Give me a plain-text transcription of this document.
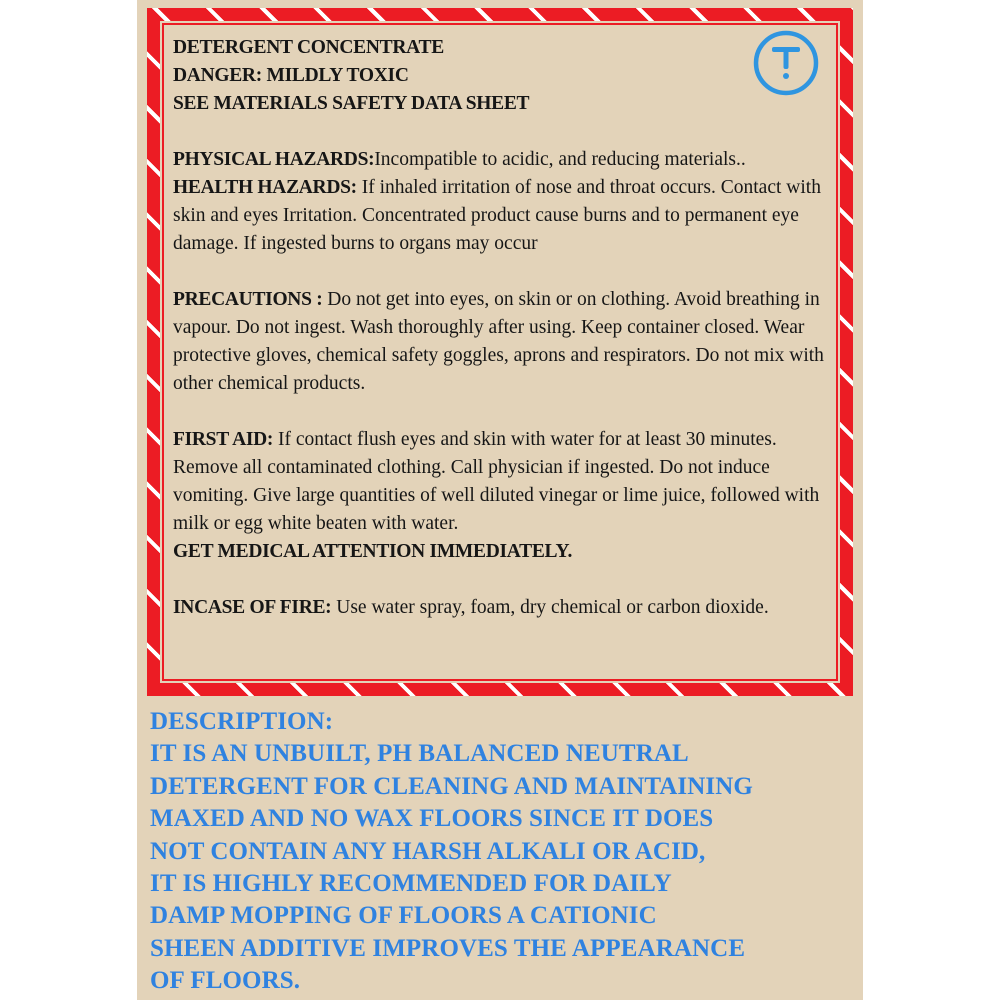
DETERGENT CONCENTRATE

DANGER: MILDLY TOXIC

SEE MATERIALS SAFETY DATA SHEET

PHYSICAL HAZARDS:Incompatible to acidic, and reducing materials..

HEALTH HAZARDS: If inhaled irritation of nose and throat occurs. Contact with skin and eyes Irritation. Concentrated product cause burns and to permanent eye damage. If ingested burns to organs may occur

PRECAUTIONS : Do not get into eyes, on skin or on clothing. Avoid breathing in vapour. Do not ingest. Wash thoroughly after using. Keep container closed. Wear protective gloves, chemical safety goggles, aprons and respirators. Do not mix with other chemical products.

FIRST AID: If contact flush eyes and skin with water for at least 30 minutes. Remove all contaminated clothing. Call physician if ingested. Do not induce vomiting. Give large quantities of well diluted vinegar or lime juice, followed with milk or egg white beaten with water.

GET MEDICAL ATTENTION IMMEDIATELY.

INCASE OF FIRE: Use water spray, foam, dry chemical or carbon dioxide.

DESCRIPTION:

IT IS AN UNBUILT, PH BALANCED NEUTRAL

DETERGENT FOR CLEANING AND MAINTAINING

MAXED AND NO WAX FLOORS SINCE IT DOES

NOT CONTAIN ANY HARSH ALKALI OR ACID,

IT IS HIGHLY RECOMMENDED FOR DAILY

DAMP MOPPING OF FLOORS A CATIONIC

SHEEN ADDITIVE IMPROVES THE APPEARANCE

OF FLOORS.
